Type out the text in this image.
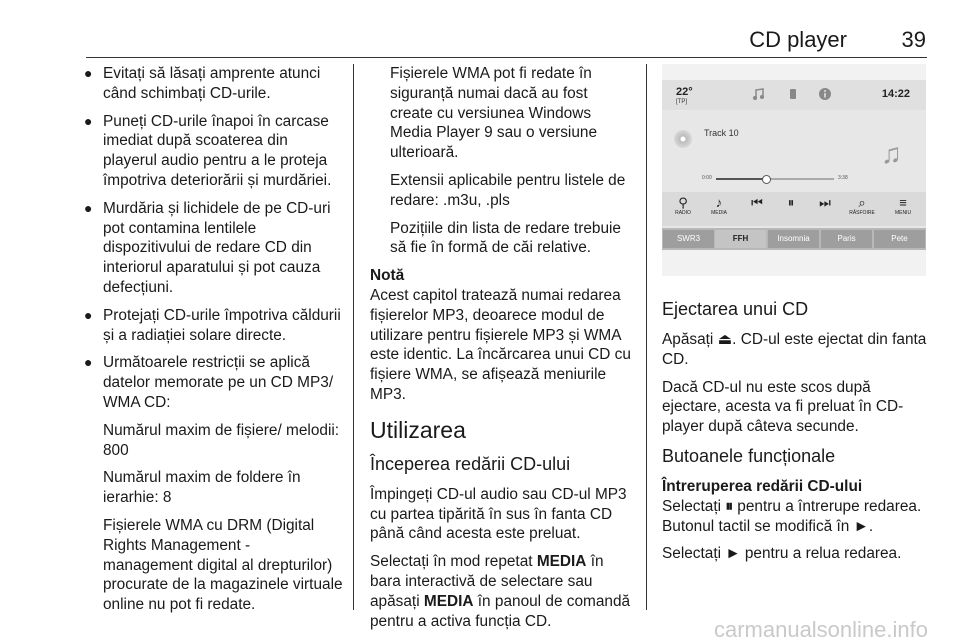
CD player 39
● Evitați să lăsați amprente atunci când schimbați CD-urile.
● Puneți CD-urile înapoi în carcase imediat după scoaterea din playerul audio pentru a le proteja împotriva deteriorării și murdăriei.
● Murdăria și lichidele de pe CD-uri pot contamina lentilele dispozitivului de redare CD din interiorul aparatului și pot cauza defecțiuni.
● Protejați CD-urile împotriva căldurii și a radiației solare directe.
● Următoarele restricții se aplică datelor memorate pe un CD MP3/ WMA CD:

Numărul maxim de fișiere/ melodii: 800

Numărul maxim de foldere în ierarhie: 8

Fișierele WMA cu DRM (Digital Rights Management - management digital al drepturilor) procurate de la magazinele virtuale online nu pot fi redate.

Fișierele WMA pot fi redate în siguranță numai dacă au fost create cu versiunea Windows Media Player 9 sau o versiune ulterioară.

Extensii aplicabile pentru listele de redare: .m3u, .pls

Pozițiile din lista de redare trebuie să fie în formă de căi relative.

Notă

Acest capitol tratează numai redarea fișierelor MP3, deoarece modul de utilizare pentru fișierele MP3 și WMA este identic. La încărcarea unui CD cu fișiere WMA, se afișează meniurile MP3.

Utilizarea
Începerea redării CD-ului

Împingeți CD-ul audio sau CD-ul MP3 cu partea tipărită în sus în fanta CD până când acesta este preluat.

Selectați în mod repetat MEDIA în bara interactivă de selectare sau apăsați MEDIA în panoul de comandă pentru a activa funcția CD.

22°
[TP]
14:22
Track 10
♫
0:00	3:38
⚲
RADIO
♪
MEDIA
⏮	⏸	⏭	⌕
RĂSFOIRE
≡
MENIU
SWR3	FFH	Insomnia	Paris	Pete
Ejectarea unui CD

Apăsați ⏏. CD-ul este ejectat din fanta CD.

Dacă CD-ul nu este scos după ejectare, acesta va fi preluat în CD-player după câteva secunde.

Butoanele funcționale
Întreruperea redării CD-ului

Selectați ⏸ pentru a întrerupe redarea. Butonul tactil se modifică în ►.

Selectați ► pentru a relua redarea.

carmanualsonline.info
